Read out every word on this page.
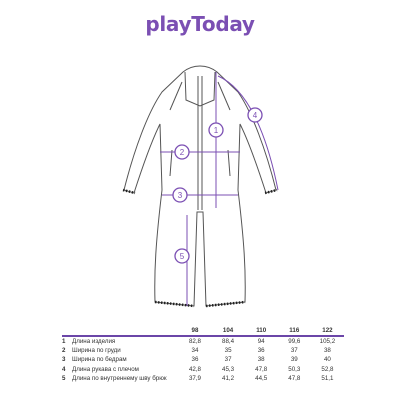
playToday
1
2
3
4
5
		98	104	110	116	122
1	Длина изделия	82,8	88,4	94	99,6	105,2
2	Ширина по груди	34	35	36	37	38
3	Ширина по бедрам	36	37	38	39	40
4	Длина рукава с плечом	42,8	45,3	47,8	50,3	52,8
5	Длина по внутреннему шву брюк	37,9	41,2	44,5	47,8	51,1
